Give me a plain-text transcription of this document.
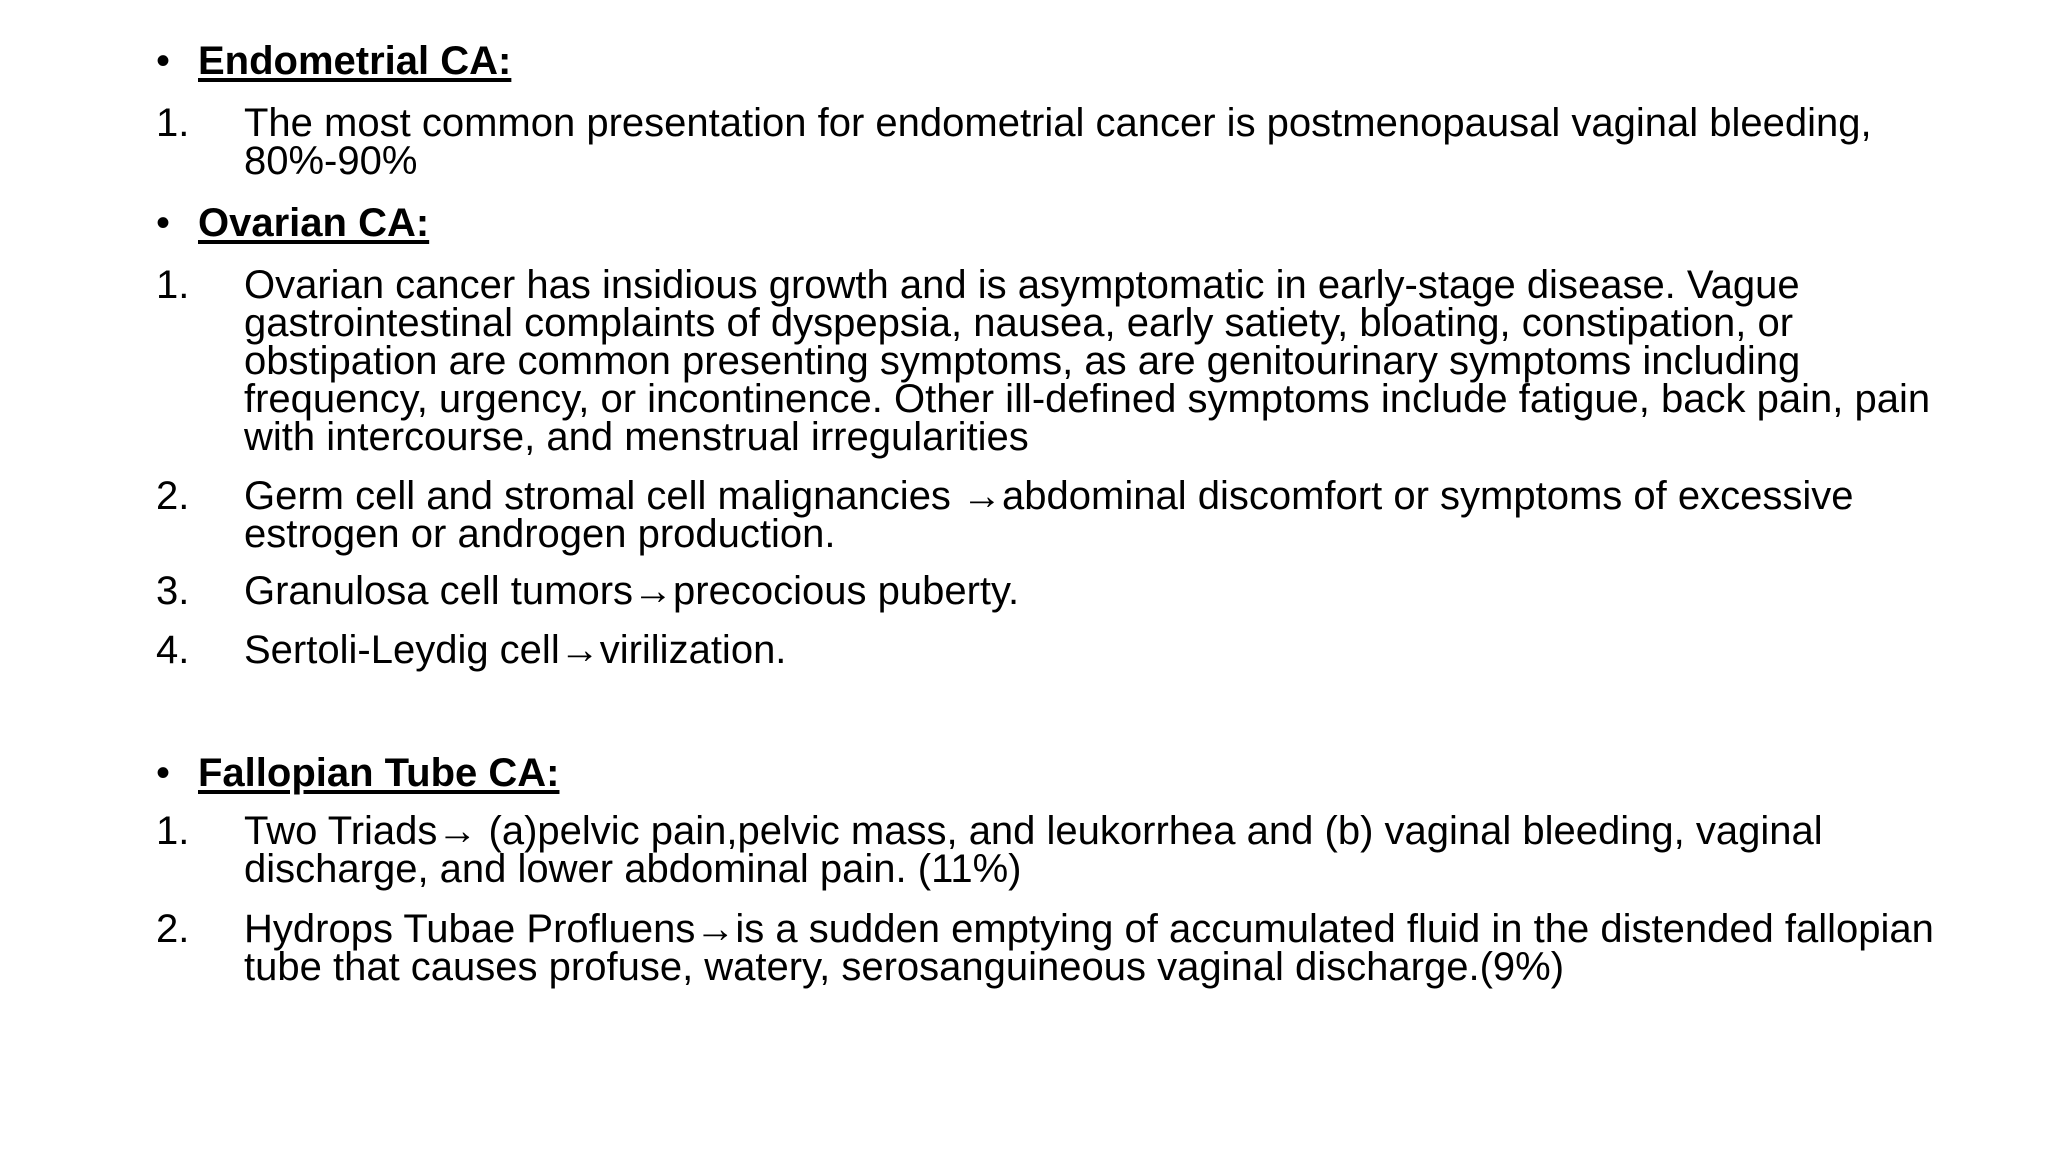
• Endometrial CA:
1. The most common presentation for endometrial cancer is postmenopausal vaginal bleeding, 80%-90%
• Ovarian CA:
1. Ovarian cancer has insidious growth and is asymptomatic in early-stage disease. Vague gastrointestinal complaints of dyspepsia, nausea, early satiety, bloating, constipation, or obstipation are common presenting symptoms, as are genitourinary symptoms including frequency, urgency, or incontinence. Other ill-defined symptoms include fatigue, back pain, pain with intercourse, and menstrual irregularities
2. Germ cell and stromal cell malignancies →abdominal discomfort or symptoms of excessive estrogen or androgen production.
3. Granulosa cell tumors→precocious puberty.
4. Sertoli-Leydig cell→virilization.
• Fallopian Tube CA:
1. Two Triads→ (a)pelvic pain,pelvic mass, and leukorrhea and (b) vaginal bleeding, vaginal discharge, and lower abdominal pain. (11%)
2. Hydrops Tubae Profluens→is a sudden emptying of accumulated fluid in the distended fallopian tube that causes profuse, watery, serosanguineous vaginal discharge.(9%)
